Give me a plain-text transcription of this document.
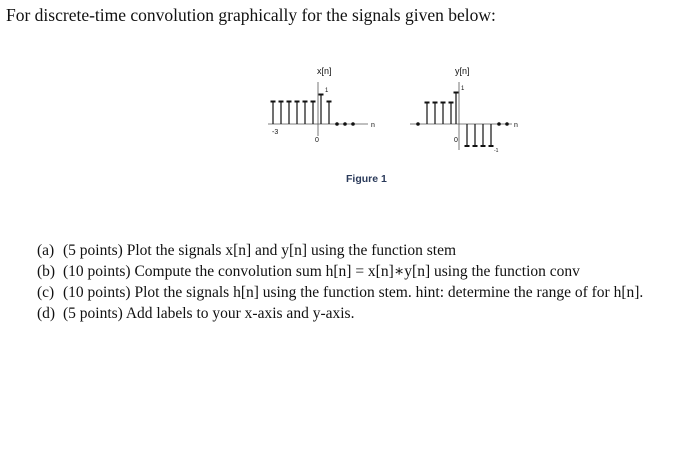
For discrete-time convolution graphically for the signals given below:
x[n]
1
-3
0
n
y[n]
1
-1
0
n
Figure 1
(a) (5 points) Plot the signals x[n] and y[n] using the function stem
(b) (10 points) Compute the convolution sum h[n] = x[n]∗y[n] using the function conv
(c) (10 points) Plot the signals h[n] using the function stem. hint: determine the range of for h[n].
(d) (5 points) Add labels to your x-axis and y-axis.
